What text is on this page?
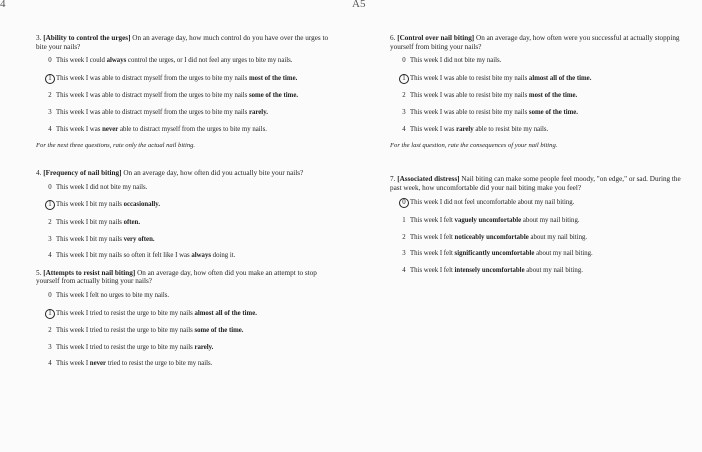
4	A5

3. [Ability to control the urges] On an average day, how much control do you have over the urges to bite your nails?

0 This week I could always control the urges, or I did not feel any urges to bite my nails.
1 This week I was able to distract myself from the urges to bite my nails most of the time.
2 This week I was able to distract myself from the urges to bite my nails some of the time.
3 This week I was able to distract myself from the urges to bite my nails rarely.
4 This week I was never able to distract myself from the urges to bite my nails.

For the next three questions, rate only the actual nail biting.

4. [Frequency of nail biting] On an average day, how often did you actually bite your nails?

0 This week I did not bite my nails.
1 This week I bit my nails occasionally.
2 This week I bit my nails often.
3 This week I bit my nails very often.
4 This week I bit my nails so often it felt like I was always doing it.

5. [Attempts to resist nail biting] On an average day, how often did you make an attempt to stop yourself from actually biting your nails?

0 This week I felt no urges to bite my nails.
1 This week I tried to resist the urge to bite my nails almost all of the time.
2 This week I tried to resist the urge to bite my nails some of the time.
3 This week I tried to resist the urge to bite my nails rarely.
4 This week I never tried to resist the urge to bite my nails.

6. [Control over nail biting] On an average day, how often were you successful at actually stopping yourself from biting your nails?

0 This week I did not bite my nails.
1 This week I was able to resist bite my nails almost all of the time.
2 This week I was able to resist bite my nails most of the time.
3 This week I was able to resist bite my nails some of the time.
4 This week I was rarely able to resist bite my nails.

For the last question, rate the consequences of your nail biting.

7. [Associated distress] Nail biting can make some people feel moody, "on edge," or sad. During the past week, how uncomfortable did your nail biting make you feel?

0 This week I did not feel uncomfortable about my nail biting.
1 This week I felt vaguely uncomfortable about my nail biting.
2 This week I felt noticeably uncomfortable about my nail biting.
3 This week I felt significantly uncomfortable about my nail biting.
4 This week I felt intensely uncomfortable about my nail biting.
